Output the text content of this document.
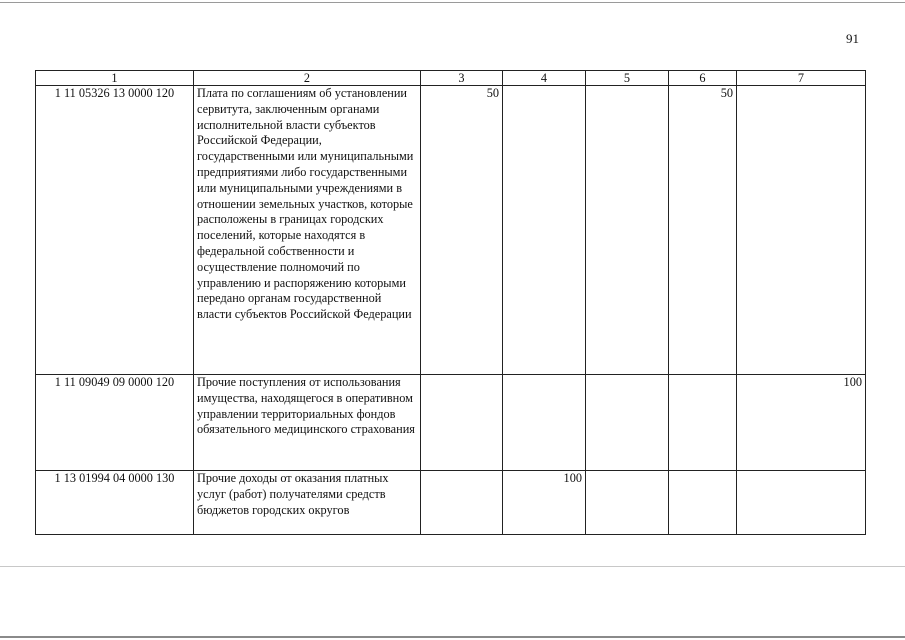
91
1	2	3	4	5	6	7
1 11 05326 13 0000 120	Плата по соглашениям об установлении сервитута, заключенным органами исполнительной власти субъектов Российской Федерации, государственными или муниципальными предприятиями либо государственными или муниципальными учреждениями в отношении земельных участков, которые расположены в границах городских поселений, которые находятся в федеральной собственности и осуществление полномочий по управлению и распоряжению которыми передано органам государственной власти субъектов Российской Федерации	50			50	
1 11 09049 09 0000 120	Прочие поступления от использования имущества, находящегося в оперативном управлении территориальных фондов обязательного медицинского страхования					100
1 13 01994 04 0000 130	Прочие доходы от оказания платных услуг (работ) получателями средств бюджетов городских округов		100			
